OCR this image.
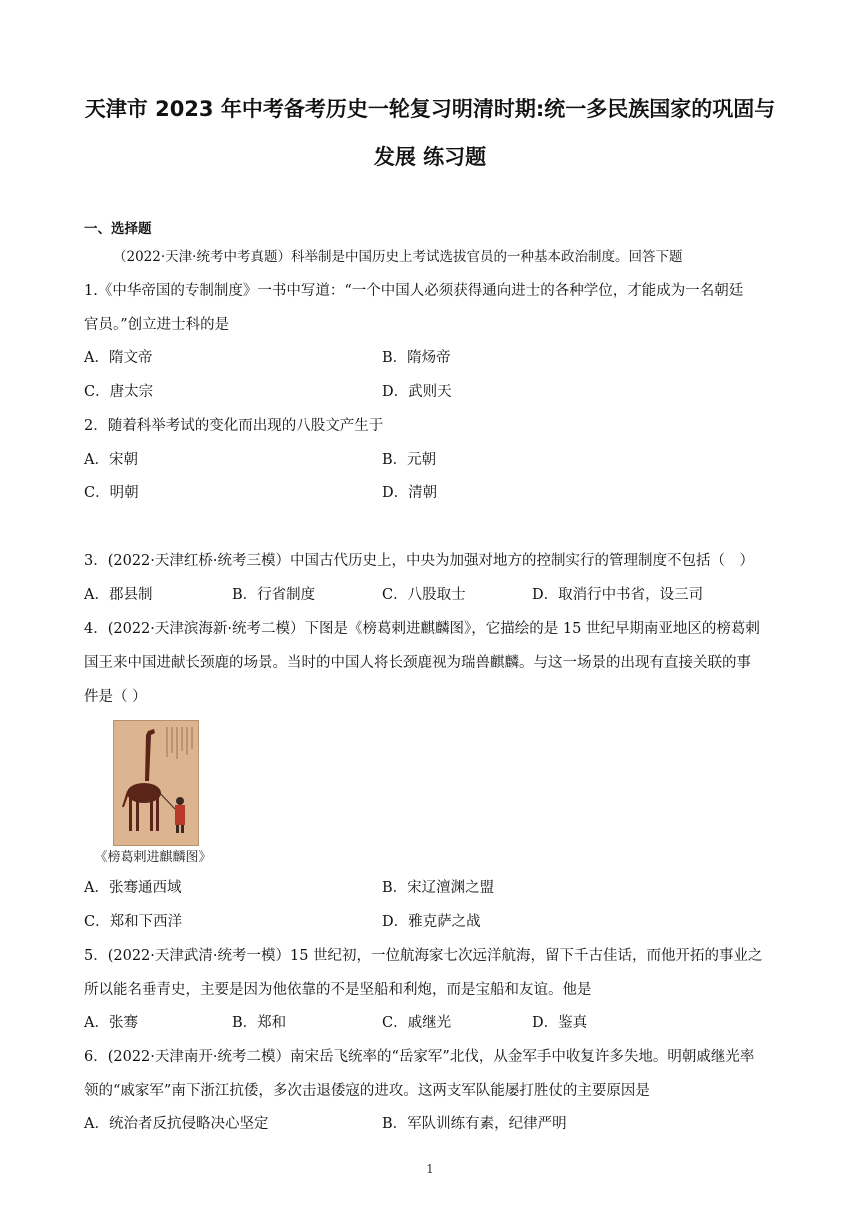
天津市 2023 年中考备考历史一轮复习明清时期:统一多民族国家的巩固与
发展 练习题
一、选择题
（2022·天津·统考中考真题）科举制是中国历史上考试选拔官员的一种基本政治制度。回答下题
1.《中华帝国的专制制度》一书中写道：“一个中国人必须获得通向进士的各种学位，才能成为一名朝廷
官员。”创立进士科的是
A．隋文帝	B．隋炀帝
C．唐太宗	D．武则天
2．随着科举考试的变化而出现的八股文产生于
A．宋朝	B．元朝
C．明朝	D．清朝
3．(2022·天津红桥·统考三模）中国古代历史上，中央为加强对地方的控制实行的管理制度不包括（　）
A．郡县制	B．行省制度	C．八股取士	D．取消行中书省，设三司
4．(2022·天津滨海新·统考二模）下图是《榜葛剌进麒麟图》，它描绘的是 15 世纪早期南亚地区的榜葛剌
国王来中国进献长颈鹿的场景。当时的中国人将长颈鹿视为瑞兽麒麟。与这一场景的出现有直接关联的事
件是（ ）
《榜葛剌进麒麟图》
A．张骞通西域	B．宋辽澶渊之盟
C．郑和下西洋	D．雅克萨之战
5．(2022·天津武清·统考一模）15 世纪初，一位航海家七次远洋航海，留下千古佳话，而他开拓的事业之
所以能名垂青史，主要是因为他依靠的不是坚船和利炮，而是宝船和友谊。他是
A．张骞	B．郑和	C．戚继光	D．鉴真
6．(2022·天津南开·统考二模）南宋岳飞统率的“岳家军”北伐，从金军手中收复许多失地。明朝戚继光率
领的“戚家军”南下浙江抗倭，多次击退倭寇的进攻。这两支军队能屡打胜仗的主要原因是
A．统治者反抗侵略决心坚定	B．军队训练有素，纪律严明
1
